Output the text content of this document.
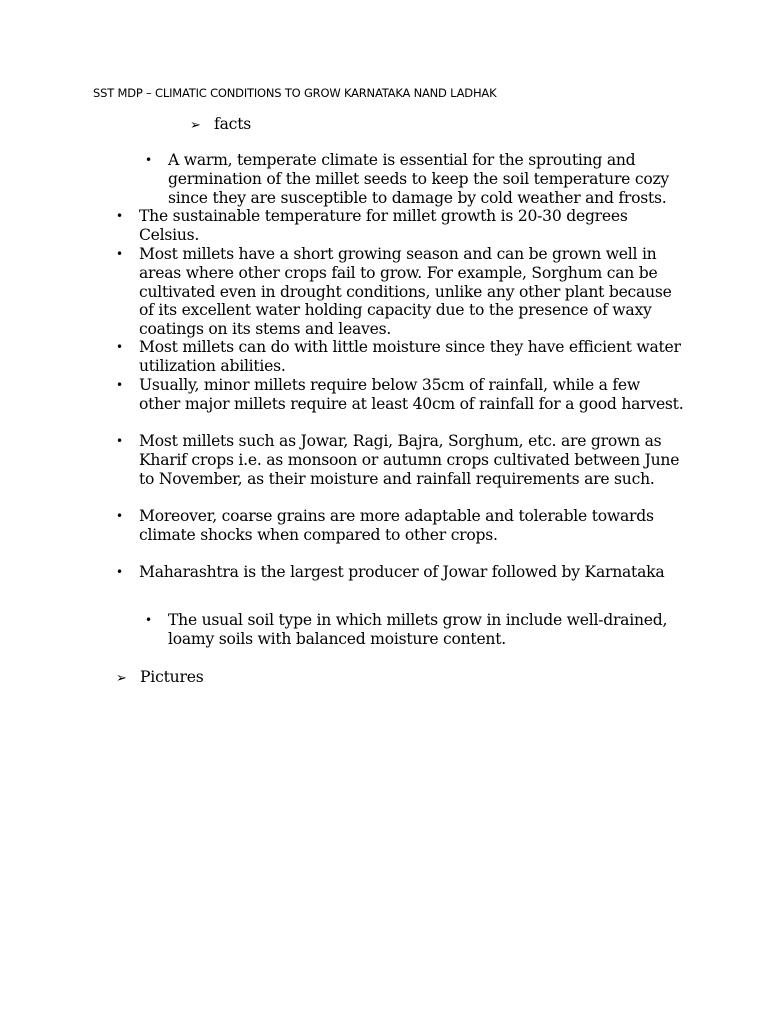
SST MDP – CLIMATIC CONDITIONS TO GROW KARNATAKA NAND LADHAK
➢ facts
• A warm, temperate climate is essential for the sprouting and germination of the millet seeds to keep the soil temperature cozy since they are susceptible to damage by cold weather and frosts.
• The sustainable temperature for millet growth is 20-30 degrees Celsius.
• Most millets have a short growing season and can be grown well in areas where other crops fail to grow. For example, Sorghum can be cultivated even in drought conditions, unlike any other plant because of its excellent water holding capacity due to the presence of waxy coatings on its stems and leaves.
• Most millets can do with little moisture since they have efficient water utilization abilities.
• Usually, minor millets require below 35cm of rainfall, while a few other major millets require at least 40cm of rainfall for a good harvest.
• Most millets such as Jowar, Ragi, Bajra, Sorghum, etc. are grown as Kharif crops i.e. as monsoon or autumn crops cultivated between June to November, as their moisture and rainfall requirements are such.
• Moreover, coarse grains are more adaptable and tolerable towards climate shocks when compared to other crops.
• Maharashtra is the largest producer of Jowar followed by Karnataka
• The usual soil type in which millets grow in include well-drained, loamy soils with balanced moisture content.
➢ Pictures
